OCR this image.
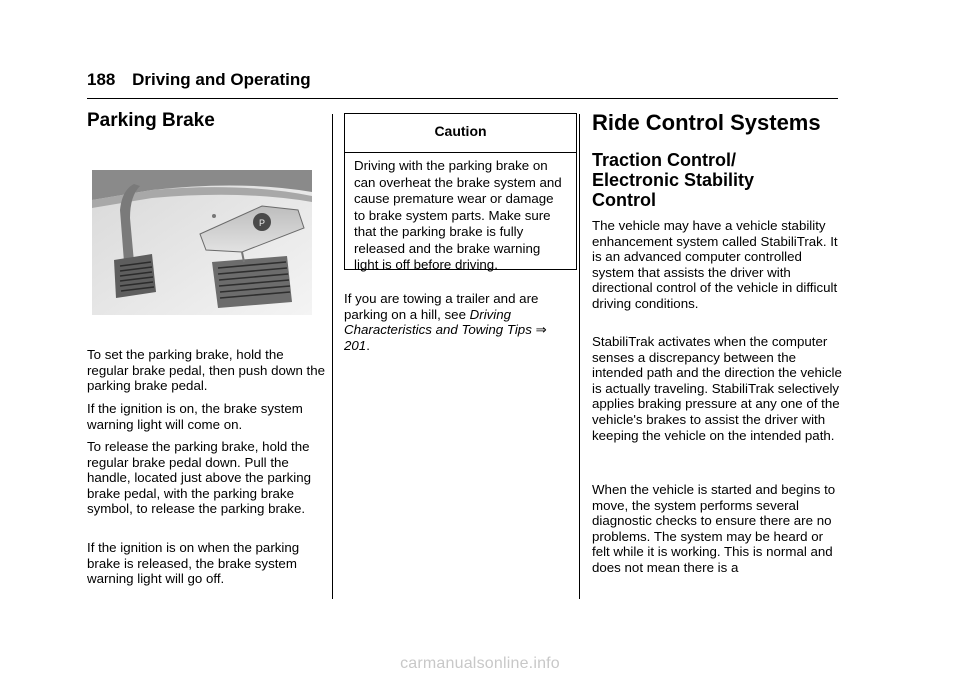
188 Driving and Operating
Parking Brake
P

To set the parking brake, hold the regular brake pedal, then push down the parking brake pedal.

If the ignition is on, the brake system warning light will come on.

To release the parking brake, hold the regular brake pedal down. Pull the handle, located just above the parking brake pedal, with the parking brake symbol, to release the parking brake.

If the ignition is on when the parking brake is released, the brake system warning light will go off.

Caution
Driving with the parking brake on can overheat the brake system and cause premature wear or damage to brake system parts. Make sure that the parking brake is fully released and the brake warning light is off before driving.

If you are towing a trailer and are parking on a hill, see Driving Characteristics and Towing Tips ⇒ 201.

Ride Control Systems
Traction Control/ Electronic Stability Control

The vehicle may have a vehicle stability enhancement system called StabiliTrak. It is an advanced computer controlled system that assists the driver with directional control of the vehicle in difficult driving conditions.

StabiliTrak activates when the computer senses a discrepancy between the intended path and the direction the vehicle is actually traveling. StabiliTrak selectively applies braking pressure at any one of the vehicle's brakes to assist the driver with keeping the vehicle on the intended path.

When the vehicle is started and begins to move, the system performs several diagnostic checks to ensure there are no problems. The system may be heard or felt while it is working. This is normal and does not mean there is a

carmanualsonline.info
